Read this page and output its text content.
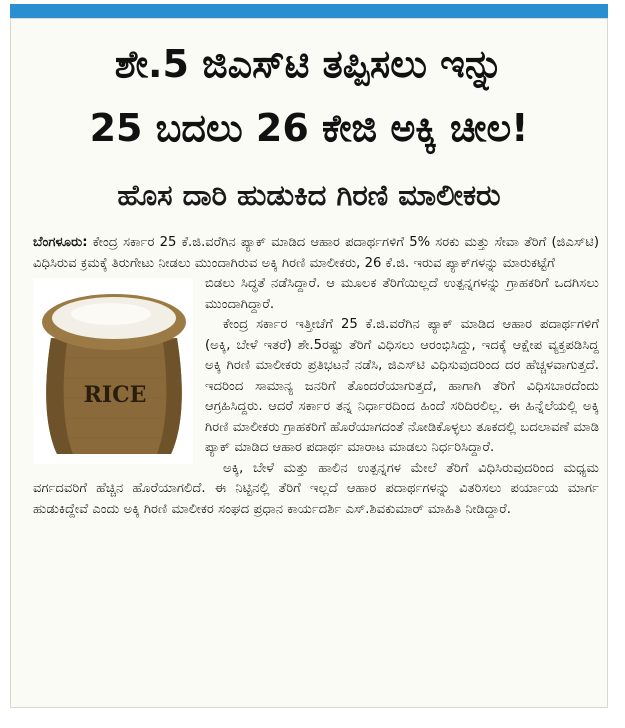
ಶೇ.5 ಜಿಎಸ್‌ಟಿ ತಪ್ಪಿಸಲು ಇನ್ನು
25 ಬದಲು 26 ಕೇಜಿ ಅಕ್ಕಿ ಚೀಲ!
ಹೊಸ ದಾರಿ ಹುಡುಕಿದ ಗಿರಣಿ ಮಾಲೀಕರು

ಬೆಂಗಳೂರು: ಕೇಂದ್ರ ಸರ್ಕಾರ 25 ಕೆ.ಜಿ.ವರೆಗಿನ ಪ್ಯಾಕ್ ಮಾಡಿದ ಆಹಾರ ಪದಾರ್ಥಗಳಿಗೆ 5% ಸರಕು ಮತ್ತು ಸೇವಾ ತೆರಿಗೆ (ಜಿಎಸ್‌ಟಿ) ವಿಧಿಸಿರುವ ಕ್ರಮಕ್ಕೆ ತಿರುಗೇಟು ನೀಡಲು ಮುಂದಾಗಿರುವ ಅಕ್ಕಿ ಗಿರಣಿ ಮಾಲೀಕರು, 26 ಕೆ.ಜಿ. ಇರುವ ಪ್ಯಾಕ್‌ಗಳನ್ನು ಮಾರುಕಟ್ಟೆಗೆ

RICE

ಬಿಡಲು ಸಿದ್ಧತೆ ನಡೆಸಿದ್ದಾರೆ. ಆ ಮೂಲಕ ತೆರಿಗೆಯಿಲ್ಲದೆ ಉತ್ಪನ್ನಗಳನ್ನು ಗ್ರಾಹಕರಿಗೆ ಒದಗಿಸಲು ಮುಂದಾಗಿದ್ದಾರೆ.

ಕೇಂದ್ರ ಸರ್ಕಾರ ಇತ್ತೀಚೆಗೆ 25 ಕೆ.ಜಿ.ವರೆಗಿನ ಪ್ಯಾಕ್ ಮಾಡಿದ ಆಹಾರ ಪದಾರ್ಥಗಳಿಗೆ (ಅಕ್ಕಿ, ಬೇಳೆ ಇತರೆ) ಶೇ.5ರಷ್ಟು ತೆರಿಗೆ ವಿಧಿಸಲು ಆರಂಭಿಸಿದ್ದು, ಇದಕ್ಕೆ ಆಕ್ಷೇಪ ವ್ಯಕ್ತಪಡಿಸಿದ್ದ ಅಕ್ಕಿ ಗಿರಣಿ ಮಾಲೀಕರು ಪ್ರತಿಭಟನೆ ನಡೆಸಿ, ಜಿಎಸ್‌ಟಿ ವಿಧಿಸುವುದರಿಂದ ದರ ಹೆಚ್ಚಳವಾಗುತ್ತದೆ. ಇದರಿಂದ ಸಾಮಾನ್ಯ ಜನರಿಗೆ ತೊಂದರೆಯಾಗುತ್ತದೆ, ಹಾಗಾಗಿ ತೆರಿಗೆ ವಿಧಿಸಬಾರದೆಂದು ಆಗ್ರಹಿಸಿದ್ದರು. ಆದರೆ ಸರ್ಕಾರ ತನ್ನ ನಿರ್ಧಾರದಿಂದ ಹಿಂದೆ ಸರಿದಿರಲಿಲ್ಲ. ಈ ಹಿನ್ನೆಲೆಯಲ್ಲಿ ಅಕ್ಕಿ ಗಿರಣಿ ಮಾಲೀಕರು ಗ್ರಾಹಕರಿಗೆ ಹೊರೆಯಾಗದಂತೆ ನೋಡಿಕೊಳ್ಳಲು ತೂಕದಲ್ಲಿ ಬದಲಾವಣೆ ಮಾಡಿ ಪ್ಯಾಕ್ ಮಾಡಿದ ಆಹಾರ ಪದಾರ್ಥ ಮಾರಾಟ ಮಾಡಲು ನಿರ್ಧರಿಸಿದ್ದಾರೆ.

ಅಕ್ಕಿ, ಬೇಳೆ ಮತ್ತು ಹಾಲಿನ ಉತ್ಪನ್ನಗಳ ಮೇಲೆ ತೆರಿಗೆ ವಿಧಿಸಿರುವುದರಿಂದ ಮಧ್ಯಮ ವರ್ಗದವರಿಗೆ ಹೆಚ್ಚಿನ ಹೊರೆಯಾಗಲಿದೆ. ಈ ನಿಟ್ಟಿನಲ್ಲಿ ತೆರಿಗೆ ಇಲ್ಲದೆ ಆಹಾರ ಪದಾರ್ಥಗಳನ್ನು ವಿತರಿಸಲು ಪರ್ಯಾಯ ಮಾರ್ಗ ಹುಡುಕಿದ್ದೇವೆ ಎಂದು ಅಕ್ಕಿ ಗಿರಣಿ ಮಾಲೀಕರ ಸಂಘದ ಪ್ರಧಾನ ಕಾರ್ಯದರ್ಶಿ ಎಸ್.ಶಿವಕುಮಾರ್ ಮಾಹಿತಿ ನೀಡಿದ್ದಾರೆ.
